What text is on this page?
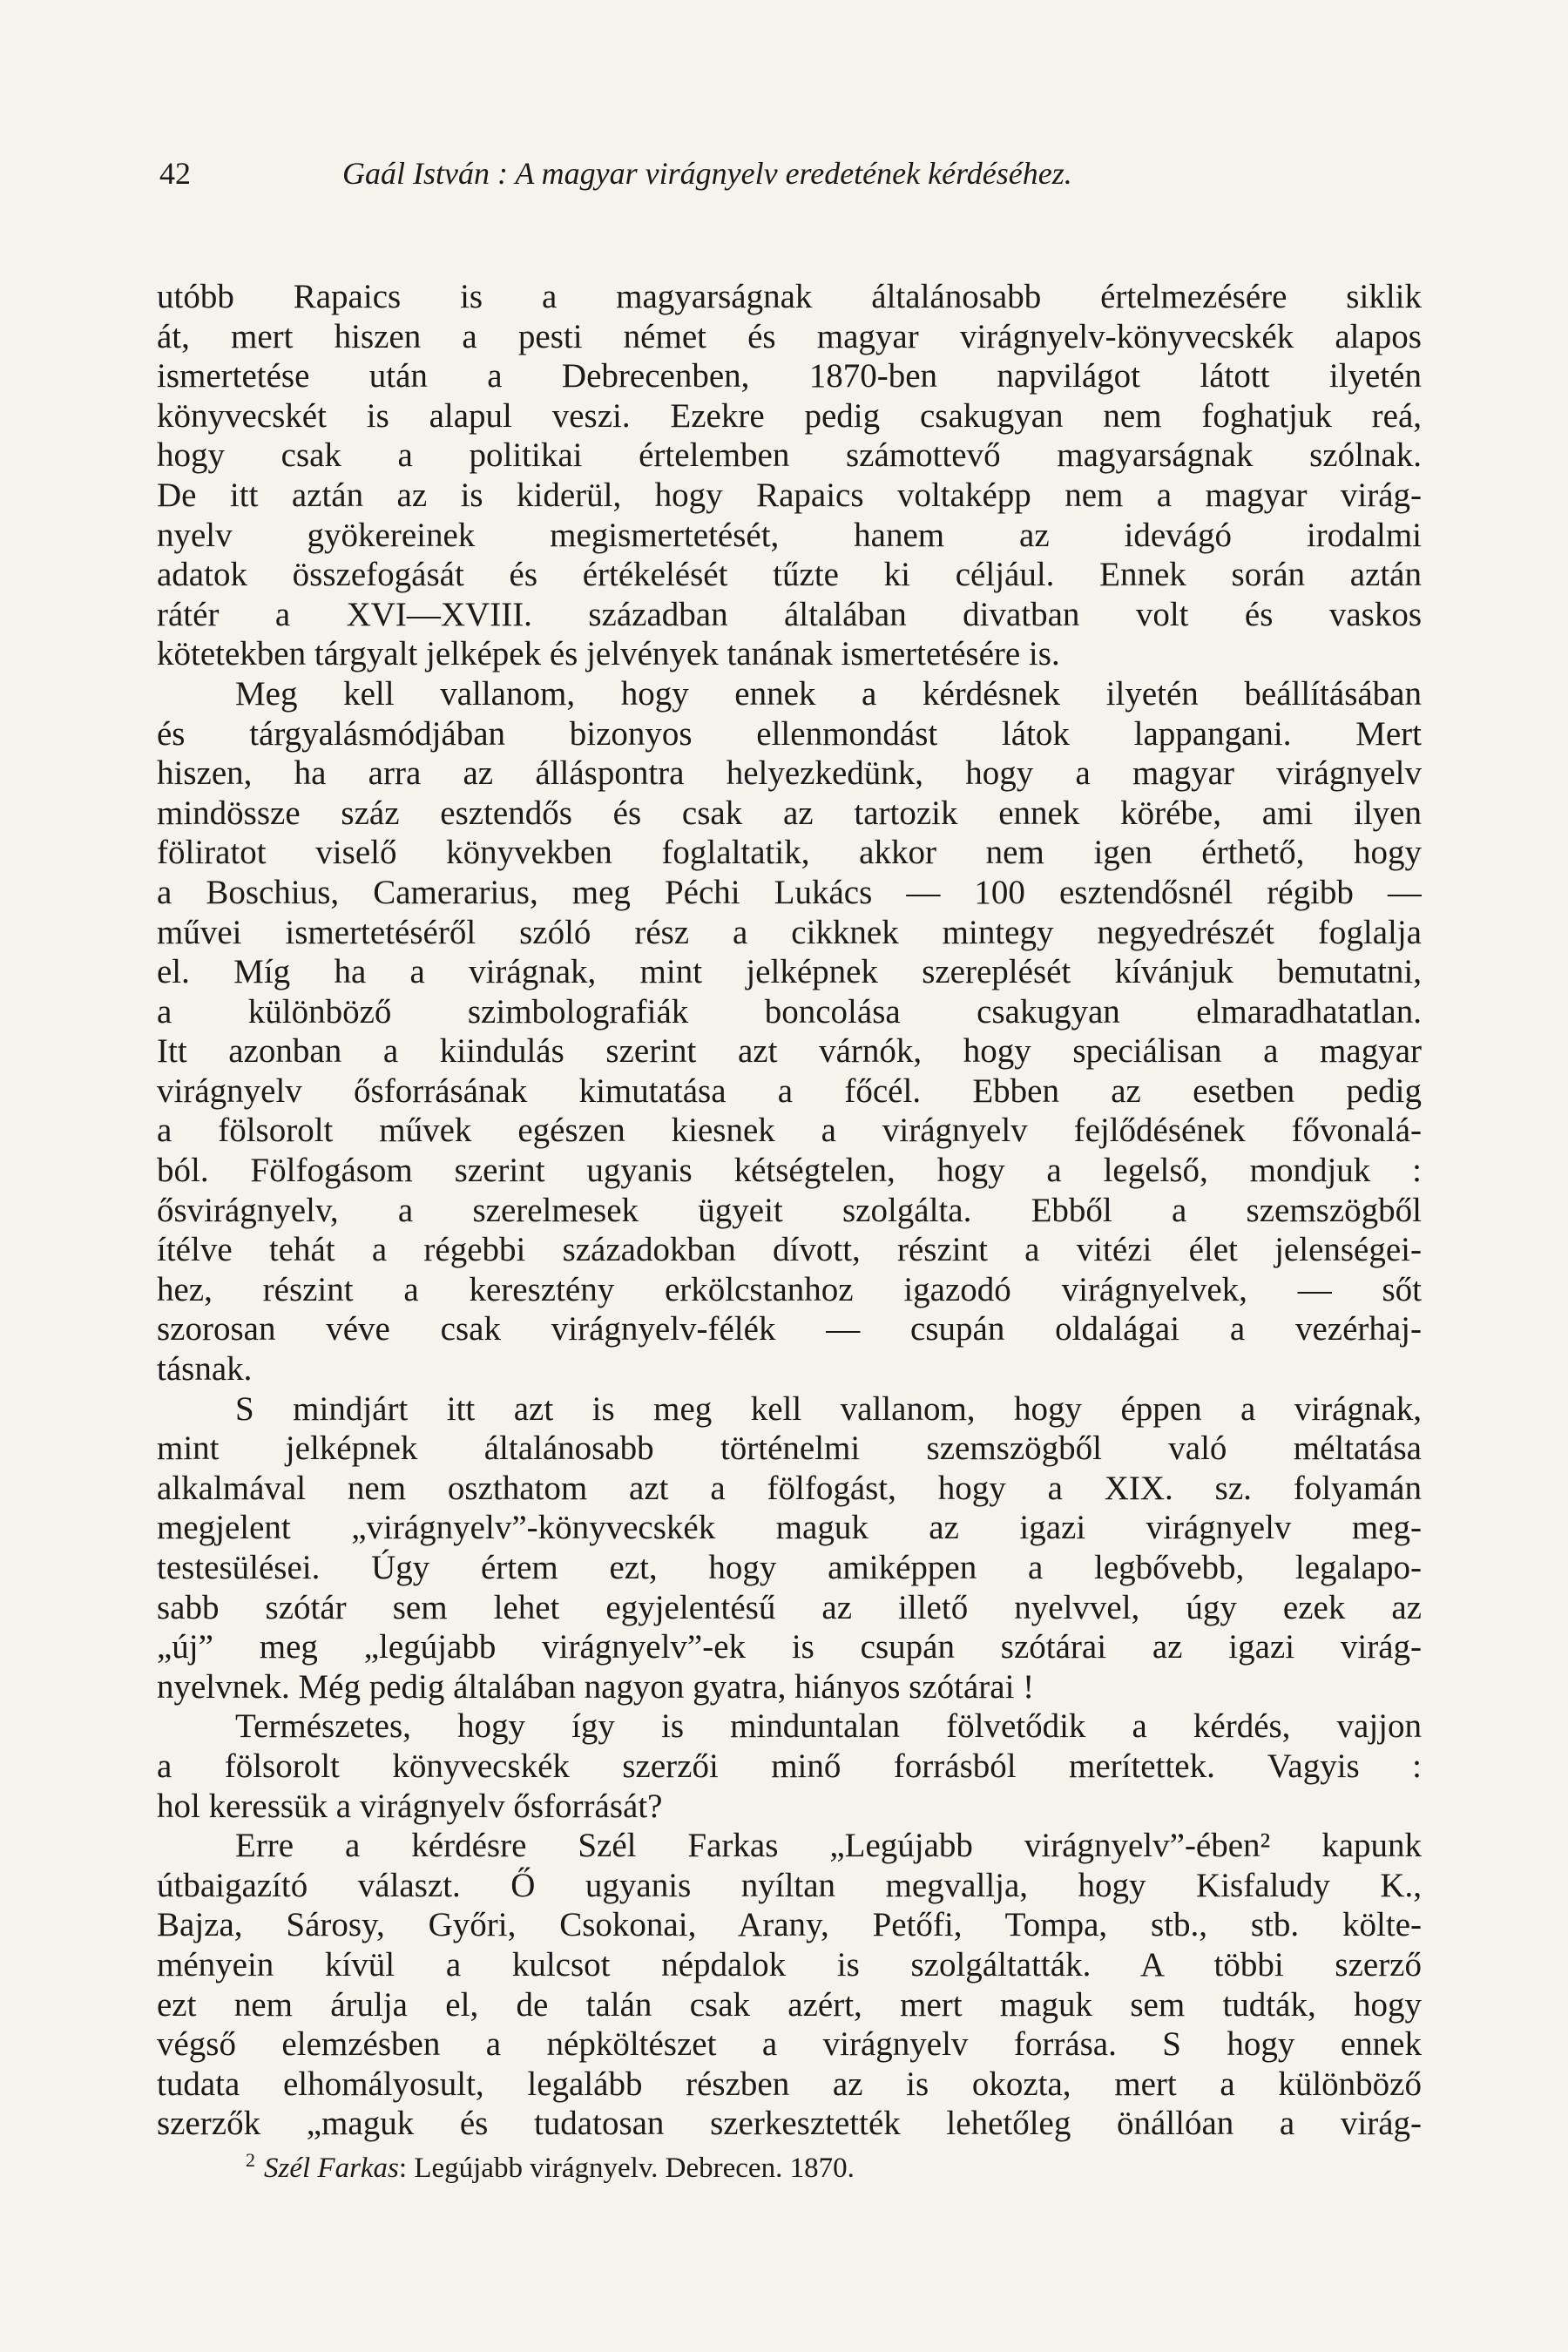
42	Gaál István : A magyar virágnyelv eredetének kérdéséhez.
utóbb Rapaics is a magyarságnak általánosabb értelmezésére siklik
át, mert hiszen a pesti német és magyar virágnyelv-könyvecskék alapos
ismertetése után a Debrecenben, 1870-ben napvilágot látott ilyetén
könyvecskét is alapul veszi. Ezekre pedig csakugyan nem foghatjuk reá,
hogy csak a politikai értelemben számottevő magyarságnak szólnak.
De itt aztán az is kiderül, hogy Rapaics voltaképp nem a magyar virág-
nyelv gyökereinek megismertetését, hanem az idevágó irodalmi
adatok összefogását és értékelését tűzte ki céljául. Ennek során aztán
rátér a XVI—XVIII. században általában divatban volt és vaskos
kötetekben tárgyalt jelképek és jelvények tanának ismertetésére is.
Meg kell vallanom, hogy ennek a kérdésnek ilyetén beállításában
és tárgyalásmódjában bizonyos ellenmondást látok lappangani. Mert
hiszen, ha arra az álláspontra helyezkedünk, hogy a magyar virágnyelv
mindössze száz esztendős és csak az tartozik ennek körébe, ami ilyen
föliratot viselő könyvekben foglaltatik, akkor nem igen érthető, hogy
a Boschius, Camerarius, meg Péchi Lukács — 100 esztendősnél régibb —
művei ismertetéséről szóló rész a cikknek mintegy negyedrészét foglalja
el. Míg ha a virágnak, mint jelképnek szereplését kívánjuk bemutatni,
a különböző szimbolografiák boncolása csakugyan elmaradhatatlan.
Itt azonban a kiindulás szerint azt várnók, hogy speciálisan a magyar
virágnyelv ősforrásának kimutatása a főcél. Ebben az esetben pedig
a fölsorolt művek egészen kiesnek a virágnyelv fejlődésének fővonalá-
ból. Fölfogásom szerint ugyanis kétségtelen, hogy a legelső, mondjuk :
ősvirágnyelv, a szerelmesek ügyeit szolgálta. Ebből a szemszögből
ítélve tehát a régebbi századokban dívott, részint a vitézi élet jelenségei-
hez, részint a keresztény erkölcstanhoz igazodó virágnyelvek, — sőt
szorosan véve csak virágnyelv-félék — csupán oldalágai a vezérhaj-
tásnak.
S mindjárt itt azt is meg kell vallanom, hogy éppen a virágnak,
mint jelképnek általánosabb történelmi szemszögből való méltatása
alkalmával nem oszthatom azt a fölfogást, hogy a XIX. sz. folyamán
megjelent „virágnyelv”-könyvecskék maguk az igazi virágnyelv meg-
testesülései. Úgy értem ezt, hogy amiképpen a legbővebb, legalapo-
sabb szótár sem lehet egyjelentésű az illető nyelvvel, úgy ezek az
„új” meg „legújabb virágnyelv”-ek is csupán szótárai az igazi virág-
nyelvnek. Még pedig általában nagyon gyatra, hiányos szótárai !
Természetes, hogy így is minduntalan fölvetődik a kérdés, vajjon
a fölsorolt könyvecskék szerzői minő forrásból merítettek. Vagyis :
hol keressük a virágnyelv ősforrását?
Erre a kérdésre Szél Farkas „Legújabb virágnyelv”-ében² kapunk
útbaigazító választ. Ő ugyanis nyíltan megvallja, hogy Kisfaludy K.,
Bajza, Sárosy, Győri, Csokonai, Arany, Petőfi, Tompa, stb., stb. költe-
ményein kívül a kulcsot népdalok is szolgáltatták. A többi szerző
ezt nem árulja el, de talán csak azért, mert maguk sem tudták, hogy
végső elemzésben a népköltészet a virágnyelv forrása. S hogy ennek
tudata elhomályosult, legalább részben az is okozta, mert a különböző
szerzők „maguk és tudatosan szerkesztették lehetőleg önállóan a virág-
$^2$ Szél Farkas: Legújabb virágnyelv. Debrecen. 1870.
